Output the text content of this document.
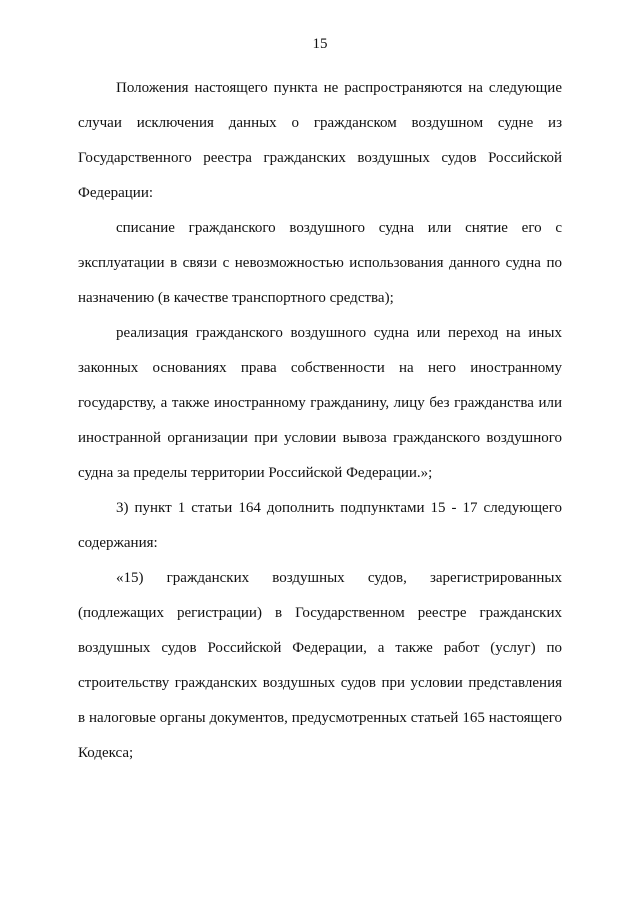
15

Положения настоящего пункта не распространяются на следующие случаи исключения данных о гражданском воздушном судне из Государственного реестра гражданских воздушных судов Российской Федерации:

списание гражданского воздушного судна или снятие его с эксплуатации в связи с невозможностью использования данного судна по назначению (в качестве транспортного средства);

реализация гражданского воздушного судна или переход на иных законных основаниях права собственности на него иностранному государству, а также иностранному гражданину, лицу без гражданства или иностранной организации при условии вывоза гражданского воздушного судна за пределы территории Российской Федерации.»;

3) пункт 1 статьи 164 дополнить подпунктами 15 - 17 следующего содержания:

«15) гражданских воздушных судов, зарегистрированных (подлежащих регистрации) в Государственном реестре гражданских воздушных судов Российской Федерации, а также работ (услуг) по строительству гражданских воздушных судов при условии представления в налоговые органы документов, предусмотренных статьей 165 настоящего Кодекса;
